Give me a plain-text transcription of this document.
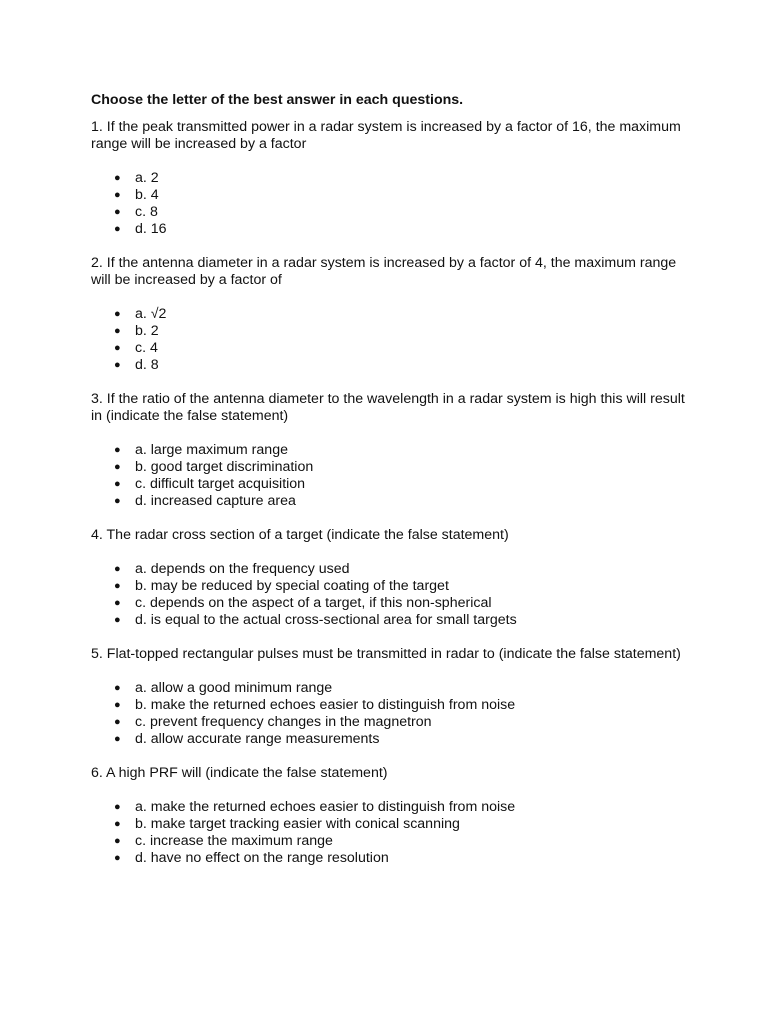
Choose the letter of the best answer in each questions.

1. If the peak transmitted power in a radar system is increased by a factor of 16, the maximum range will be increased by a factor

● a. 2
● b. 4
● c. 8
● d. 16

2. If the antenna diameter in a radar system is increased by a factor of 4, the maximum range will be increased by a factor of

● a. √2
● b. 2
● c. 4
● d. 8

3. If the ratio of the antenna diameter to the wavelength in a radar system is high this will result in (indicate the false statement)

● a. large maximum range
● b. good target discrimination
● c. difficult target acquisition
● d. increased capture area

4. The radar cross section of a target (indicate the false statement)

● a. depends on the frequency used
● b. may be reduced by special coating of the target
● c. depends on the aspect of a target, if this non-spherical
● d. is equal to the actual cross-sectional area for small targets

5. Flat-topped rectangular pulses must be transmitted in radar to (indicate the false statement)

● a. allow a good minimum range
● b. make the returned echoes easier to distinguish from noise
● c. prevent frequency changes in the magnetron
● d. allow accurate range measurements

6. A high PRF will (indicate the false statement)

● a. make the returned echoes easier to distinguish from noise
● b. make target tracking easier with conical scanning
● c. increase the maximum range
● d. have no effect on the range resolution
